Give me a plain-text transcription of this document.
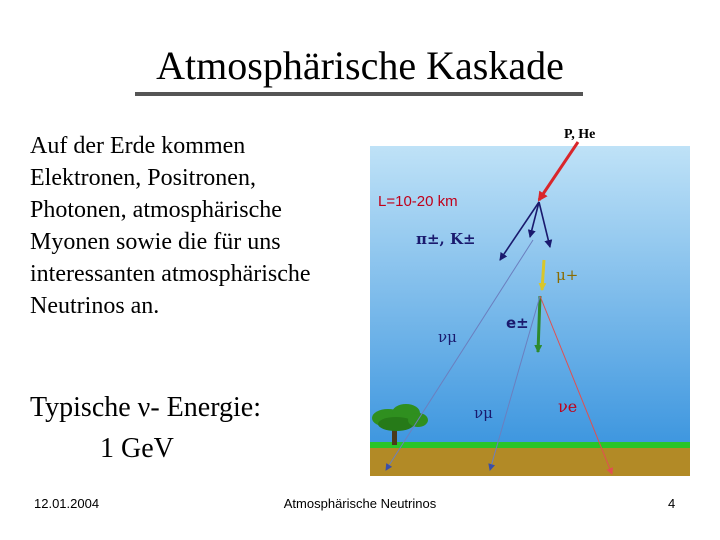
Atmosphärische Kaskade
Auf der Erde kommen
Elektronen, Positronen,
Photonen, atmosphärische
Myonen sowie die für uns
interessanten atmosphärische
Neutrinos an.
Typische ν- Energie:
1 GeV
P, He
L=10-20 km
π±, K±
μ+
e±
νμ
νμ	νe
12.01.2004	Atmosphärische Neutrinos	4
